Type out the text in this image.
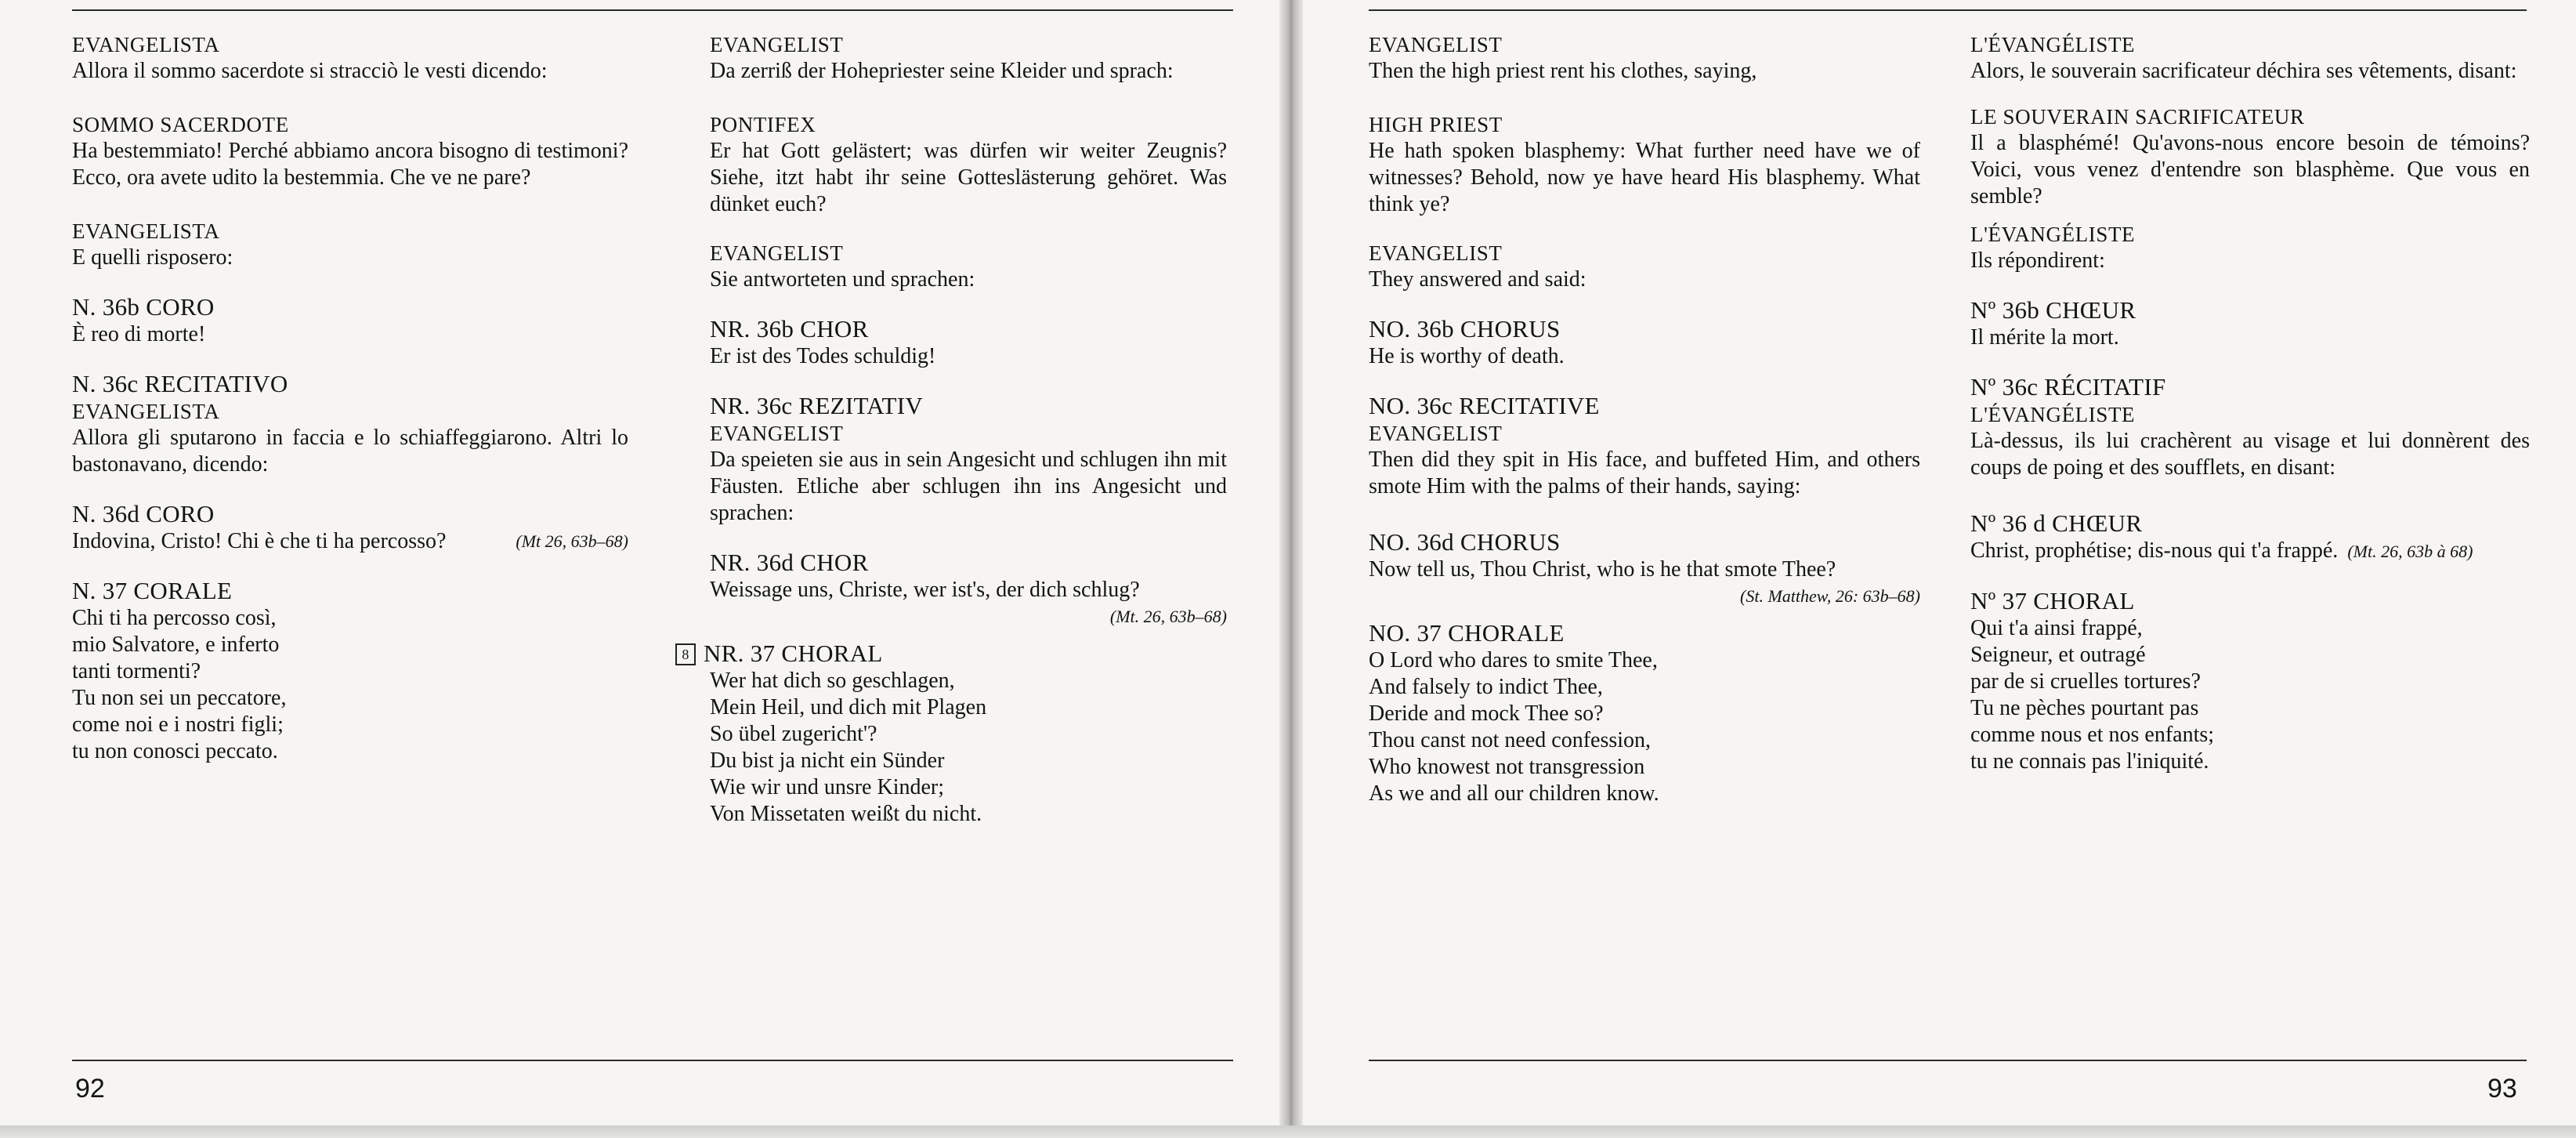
EVANGELISTA
Allora il sommo sacerdote si stracciò le vesti dicendo:
SOMMO SACERDOTE
Ha bestemmiato! Perché abbiamo ancora bisogno di testimoni? Ecco, ora avete udito la bestemmia. Che ve ne pare?
EVANGELISTA
E quelli risposero:
N. 36b CORO
È reo di morte!
N. 36c RECITATIVO
EVANGELISTA
Allora gli sputarono in faccia e lo schiaffeggiarono. Altri lo bastonavano, dicendo:
N. 36d CORO
Indovina, Cristo! Chi è che ti ha percosso?	(Mt 26, 63b–68)
N. 37 CORALE
Chi ti ha percosso così,
mio Salvatore, e inferto
tanti tormenti?
Tu non sei un peccatore,
come noi e i nostri figli;
tu non conosci peccato.
EVANGELIST
Da zerriß der Hohepriester seine Kleider und sprach:
PONTIFEX
Er hat Gott gelästert; was dürfen wir weiter Zeugnis? Siehe, itzt habt ihr seine Gotteslästerung gehöret. Was dünket euch?
EVANGELIST
Sie antworteten und sprachen:
NR. 36b CHOR
Er ist des Todes schuldig!
NR. 36c REZITATIV
EVANGELIST
Da speieten sie aus in sein Angesicht und schlugen ihn mit Fäusten. Etliche aber schlugen ihn ins Angesicht und sprachen:
NR. 36d CHOR
Weissage uns, Christe, wer ist's, der dich schlug?
(Mt. 26, 63b–68)
8 NR. 37 CHORAL
Wer hat dich so geschlagen,
Mein Heil, und dich mit Plagen
So übel zugericht'?
Du bist ja nicht ein Sünder
Wie wir und unsre Kinder;
Von Missetaten weißt du nicht.
92
EVANGELIST
Then the high priest rent his clothes, saying,
HIGH PRIEST
He hath spoken blasphemy: What further need have we of witnesses? Behold, now ye have heard His blasphemy. What think ye?
EVANGELIST
They answered and said:
NO. 36b CHORUS
He is worthy of death.
NO. 36c RECITATIVE
EVANGELIST
Then did they spit in His face, and buffeted Him, and others smote Him with the palms of their hands, saying:
NO. 36d CHORUS
Now tell us, Thou Christ, who is he that smote Thee?
(St. Matthew, 26: 63b–68)
NO. 37 CHORALE
O Lord who dares to smite Thee,
And falsely to indict Thee,
Deride and mock Thee so?
Thou canst not need confession,
Who knowest not transgression
As we and all our children know.
L'ÉVANGÉLISTE
Alors, le souverain sacrificateur déchira ses vêtements, disant:
LE SOUVERAIN SACRIFICATEUR
Il a blasphémé! Qu'avons-nous encore besoin de témoins? Voici, vous venez d'entendre son blasphème. Que vous en semble?
L'ÉVANGÉLISTE
Ils répondirent:
Nº 36b CHŒUR
Il mérite la mort.
Nº 36c RÉCITATIF
L'ÉVANGÉLISTE
Là-dessus, ils lui crachèrent au visage et lui donnèrent des coups de poing et des soufflets, en disant:
Nº 36 d CHŒUR
Christ, prophétise; dis-nous qui t'a frappé. (Mt. 26, 63b à 68)
Nº 37 CHORAL
Qui t'a ainsi frappé,
Seigneur, et outragé
par de si cruelles tortures?
Tu ne pèches pourtant pas
comme nous et nos enfants;
tu ne connais pas l'iniquité.
93
